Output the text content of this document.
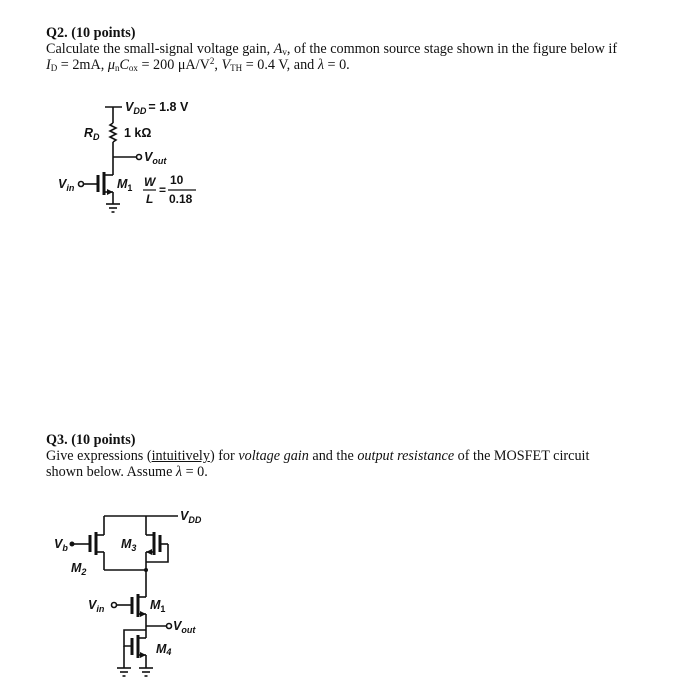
Q2. (10 points)
Calculate the small-signal voltage gain, $A_v$, of the common source stage shown in the figure below if
$I_D = 2mA$, $\mu_nC_{ox} = 200$ $\mu A/V^2$, $V_{TH} = 0.4$ V, and λ = 0.
$V_{DD} = 1.8$ V
$R_D$ 1 kΩ
$V_{out}$
$V_{in}$	$M_1$ W
L
=
10
0.18
Q3. (10 points)
Give expressions (intuitively) for voltage gain and the output resistance of the MOSFET circuit
shown below. Assume λ = 0.
$V_{DD}$
$V_b$
$M_2$
$M_3$
$V_{in}$	$M_1$
$V_{out}$
M4
